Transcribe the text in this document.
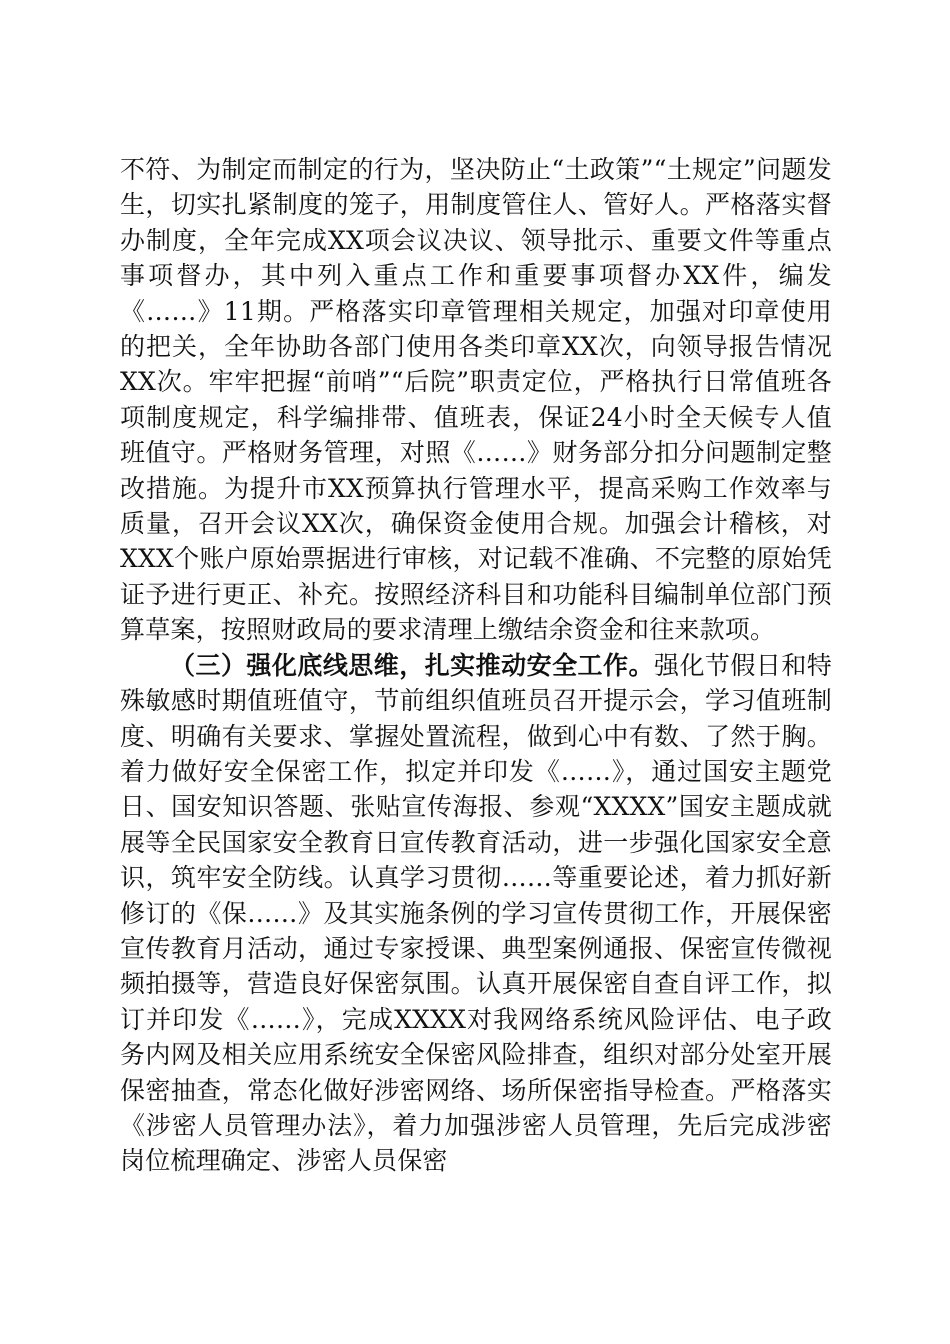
不符、为制定而制定的行为，坚决防止“土政策”“土规定”问题发生，切实扎紧制度的笼子，用制度管住人、管好人。严格落实督办制度，全年完成XX项会议决议、领导批示、重要文件等重点事项督办，其中列入重点工作和重要事项督办XX件，编发《……》11期。严格落实印章管理相关规定，加强对印章使用的把关，全年协助各部门使用各类印章XX次，向领导报告情况XX次。牢牢把握“前哨”“后院”职责定位，严格执行日常值班各项制度规定，科学编排带、值班表，保证24小时全天候专人值班值守。严格财务管理，对照《……》财务部分扣分问题制定整改措施。为提升市XX预算执行管理水平，提高采购工作效率与质量，召开会议XX次，确保资金使用合规。加强会计稽核，对XXX个账户原始票据进行审核，对记载不准确、不完整的原始凭证予进行更正、补充。按照经济科目和功能科目编制单位部门预算草案，按照财政局的要求清理上缴结余资金和往来款项。

（三）强化底线思维，扎实推动安全工作。强化节假日和特殊敏感时期值班值守，节前组织值班员召开提示会，学习值班制度、明确有关要求、掌握处置流程，做到心中有数、了然于胸。着力做好安全保密工作，拟定并印发《……》，通过国安主题党日、国安知识答题、张贴宣传海报、参观“XXXX”国安主题成就展等全民国家安全教育日宣传教育活动，进一步强化国家安全意识，筑牢安全防线。认真学习贯彻……等重要论述，着力抓好新修订的《保……》及其实施条例的学习宣传贯彻工作，开展保密宣传教育月活动，通过专家授课、典型案例通报、保密宣传微视频拍摄等，营造良好保密氛围。认真开展保密自查自评工作，拟订并印发《……》，完成XXXX对我网络系统风险评估、电子政务内网及相关应用系统安全保密风险排查，组织对部分处室开展保密抽查，常态化做好涉密网络、场所保密指导检查。严格落实《涉密人员管理办法》，着力加强涉密人员管理，先后完成涉密岗位梳理确定、涉密人员保密
